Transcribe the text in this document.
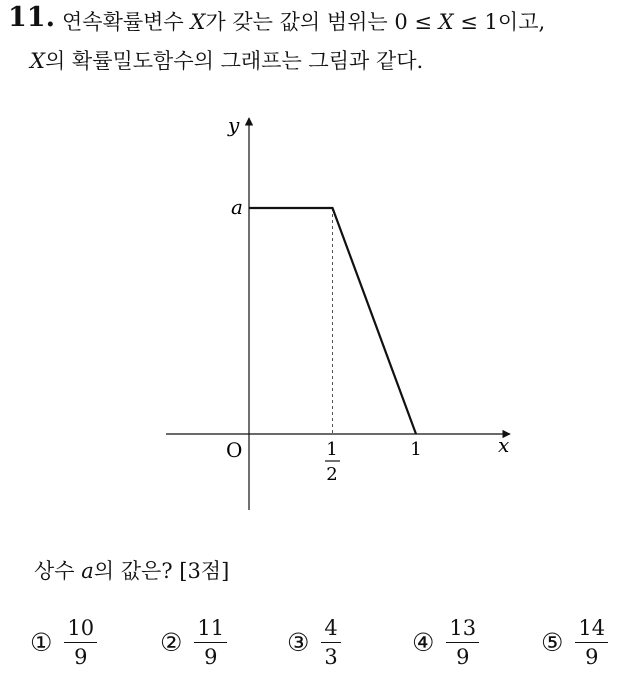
11. 연속확률변수 X가 갖는 값의 범위는 0 ≤ X ≤ 1이고,
X의 확률밀도함수의 그래프는 그림과 같다.
y
x
O
a
1
2
1
상수 a의 값은? [3점]
① $\frac{10}{9}$	② $\frac{11}{9}$ ③ $\frac{4}{3}$	④ $\frac{13}{9}$ ⑤ $\frac{14}{9}$
